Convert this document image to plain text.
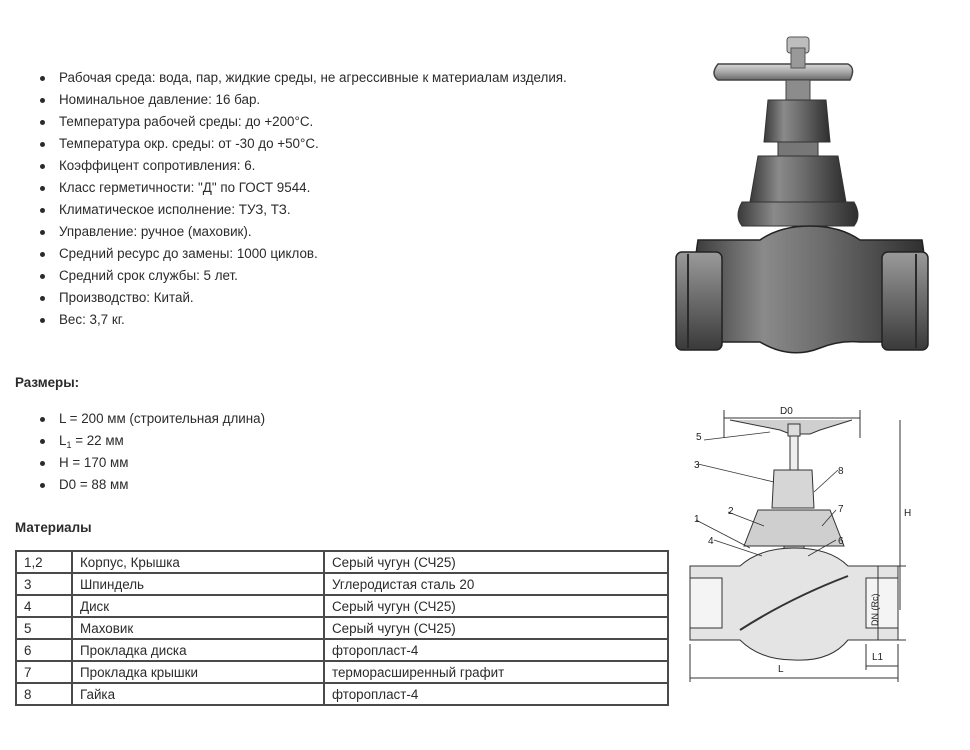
Рабочая среда: вода, пар, жидкие среды, не агрессивные к материалам изделия.
Номинальное давление: 16 бар.
Температура рабочей среды: до +200°С.
Температура окр. среды: от -30 до +50°С.
Коэффицент сопротивления: 6.
Класс герметичности: "Д" по ГОСТ 9544.
Климатическое исполнение: ТУЗ, ТЗ.
Управление: ручное (маховик).
Средний ресурс до замены: 1000 циклов.
Средний срок службы: 5 лет.
Производство: Китай.
Вес: 3,7 кг.
Размеры:
L = 200 мм (строительная длина)
$L_1 = 22$ мм
H = 170 мм
D0 = 88 мм
Материалы
1,2	Корпус, Крышка	Серый чугун (СЧ25)
3	Шпиндель	Углеродистая сталь 20
4	Диск	Серый чугун (СЧ25)
5	Маховик	Серый чугун (СЧ25)
6	Прокладка диска	фторопласт-4
7	Прокладка крышки	терморасширенный графит
8	Гайка	фторопласт-4
D0
5
3
8
2
1
4
7
6
H
L
L1
DN (Rc)
